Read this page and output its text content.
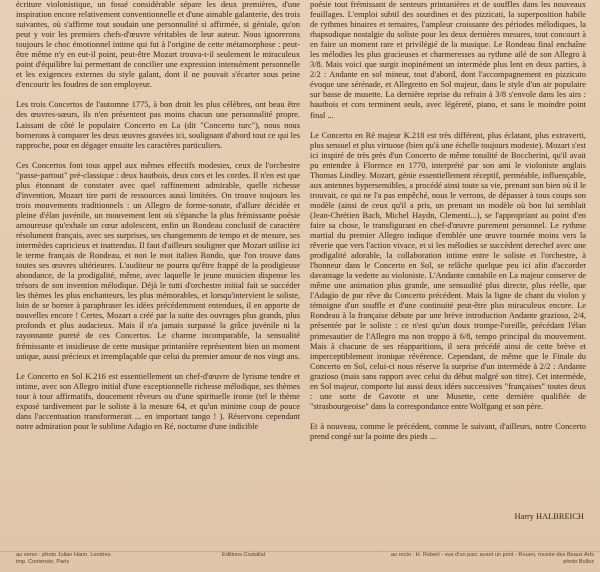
écriture violonistique, un fossé considérable sépare les deux premières, d'une inspiration encore relativement conventionnelle et d'une aimable galanterie, des trois suivantes, où s'affirme tout soudain une personnalité si affirmée, si géniale, qu'on peut y voir les premiers chefs-d'œuvre véritables de leur auteur. Nous ignorerons toujours le choc émotionnel intime qui fut à l'origine de cette métamorphose : peut-être même n'y en eut-il point, peut-être Mozart trouva-t-il seulement le miraculeux point d'équilibre lui permettant de concilier une expression intensément personnelle et les exigences externes du style galant, dont il ne pouvait s'écarter sous peine d'encourir les foudres de son employeur.

Les trois Concertos de l'automne 1775, à bon droit les plus célèbres, ont beau être des œuvres-sœurs, ils n'en présentent pas moins chacun une personnalité propre. Laissant de côté le populaire Concerto en La (dit "Concerto turc"), nous nous bornerons à comparer les deux œuvres gravées ici, soulignant d'abord tout ce qui les rapproche, pour en dégager ensuite les caractères particuliers.

Ces Concertos font tous appel aux mêmes effectifs modestes, ceux de l'orchestre "passe-partout" pré-classique : deux hautbois, deux cors et les cordes. Il n'en est que plus étonnant de constater avec quel raffinement admirable, quelle richesse d'invention, Mozart tire parti de ressources aussi limitées. On trouve toujours les trois mouvements traditionnels : un Allegro de forme-sonate, d'allure décidée et pleine d'élan juvénile, un mouvement lent où s'épanche la plus frémissante poésie amoureuse qu'exhale un cœur adolescent, enfin un Rondeau conclusif de caractère résolument français, avec ses surprises, ses changements de tempo et de mesure, ses intermèdes capricieux et inattendus. Il faut d'ailleurs souligner que Mozart utilise ici le terme français de Rondeau, et non le mot italien Rondo, que l'on trouve dans toutes ses œuvres ultérieures. L'auditeur ne pourra qu'être frappé de la prodigieuse abondance, de la prodigalité, même, avec laquelle le jeune musicien dispense les trésors de son invention mélodique. Déjà le tutti d'orchestre initial fait se succéder les thèmes les plus enchanteurs, les plus mémorables, et lorsqu'intervient le soliste, loin de se borner à paraphraser les idées précédemment entendues, il en apporte de nouvelles encore ! Certes, Mozart a créé par la suite des ouvrages plus grands, plus profonds et plus audacieux. Mais il n'a jamais surpassé la grâce juvénile ni la rayonnante pureté de ces Concertos. Le charme incomparable, la sensualité frémissante et insidieuse de cette musique printanière représentent bien un moment unique, aussi précieux et irremplaçable que celui du premier amour de nos vingt ans.

Le Concerto en Sol K.216 est essentiellement un chef-d'œuvre de lyrisme tendre et intime, avec son Allegro initial d'une exceptionnelle richesse mélodique, ses thèmes tour à tour affirmatifs, doucement rêveurs ou d'une spirituelle ironie (tel le thème exposé tardivement par le soliste à la mesure 64, et qu'un minime coup de pouce dans l'accentuation transformerait ... en important tango ! ). Réservons cependant notre admiration pour le sublime Adagio en Ré, nocturne d'une indicible

poésie tout frémissant de senteurs printanières et de souffles dans les nouveaux feuillages. L'emploi subtil des sourdines et des pizzicati, la superposition habile de rythmes binaires et ternaires, l'ampleur croissante des périodes mélodiques, la rhapsodique nostalgie du soliste pour les deux dernières mesures, tout concourt à en faire un moment rare et privilégié de la musique. Le Rondeau final enchaîne les mélodies les plus gracieuses et charmeresses au rythme ailé de son Allegro à 3/8. Mais voici que surgit inopinément un intermède plus lent en deux parties, à 2/2 : Andante en sol mineur, tout d'abord, dont l'accompagnement en pizzicato évoque une sérénade, et Allegretto en Sol majeur, dans le style d'un air populaire sur basse de musette. La dernière reprise du refrain à 3/8 s'envole dans les airs : hautbois et cors terminent seuls, avec légèreté, piano, et sans le moindre point final ...

Le Concerto en Ré majeur K.218 est très différent, plus éclatant, plus extraverti, plus sensuel et plus virtuose (bien qu'à une échelle toujours modeste). Mozart s'est ici inspiré de très près d'un Concerto de même tonalité de Boccherini, qu'il avait pu entendre à Florence en 1770, interprété par son ami le violoniste anglais Thomas Lindley. Mozart, génie essentiellement réceptif, perméable, influençable, aux antennes hypersensibles, a procédé ainsi toute sa vie, prenant son bien où il le trouvait, ce qui ne l'a pas empêché, nous le verrons, de dépasser à tous coups son modèle (ainsi de ceux qu'il a pris, un prenant un modèle où bon lui semblait (Jean-Chrétien Bach, Michel Haydn, Clementi...), se l'appropriant au point d'en faire sa chose, le transfigurant en chef-d'œuvre purement personnel. Le rythme martial du premier Allegro indique d'emblée une œuvre tournée moins vers la rêverie que vers l'action vivace, et si les mélodies se succèdent derechef avec une prodigalité adorable, la collaboration intime entre le soliste et l'orchestre, à l'honneur dans le Concerto en Sol, se relâche quelque peu ici afin d'accorder davantage la vedette au violoniste. L'Andante cantabile en La majeur conserve de même une animation plus grande, une sensualité plus directe, plus réelle, que l'Adagio de pur rêve du Concerto précédent. Mais la ligne de chant du violon y témoigne d'un souffle et d'une continuité peut-être plus miraculeux encore. Le Rondeau à la française débute par une brève introduction Andante grazioso, 2/4, présentée par le soliste : ce n'est qu'un doux trompe-l'oreille, précédant l'élan primesautier de l'Allegro ma non troppo à 6/8, tempo principal du mouvement. Mais à chacune de ses réapparitions, il sera précédé ainsi de cette brève et imperceptiblement ironique révérence. Cependant, de même que le Finale du Concerto en Sol, celui-ci nous réserve la surprise d'un intermède à 2/2 : Andante grazioso (mais sans rapport avec celui du début malgré son titre). Cet intermède, en Sol majeur, comporte lui aussi deux idées successives "françaises" toutes deux : une sorte de Gavotte et une Musette, cette dernière qualifiée de "strasbourgeoise" dans la correspondance entre Wolfgang et son père.

Et à nouveau, comme le précédent, comme le suivant, d'ailleurs, notre Concerto prend congé sur la pointe des pieds ...

Harry HALBREICH
au verso : photo Julian Hann, Londres
imp. Contensin, Paris
Editions Costallat	au recto : H. Robert - vue d'un parc avant un pont - Rouen, musée des Beaux Arts
photo Bulloz
